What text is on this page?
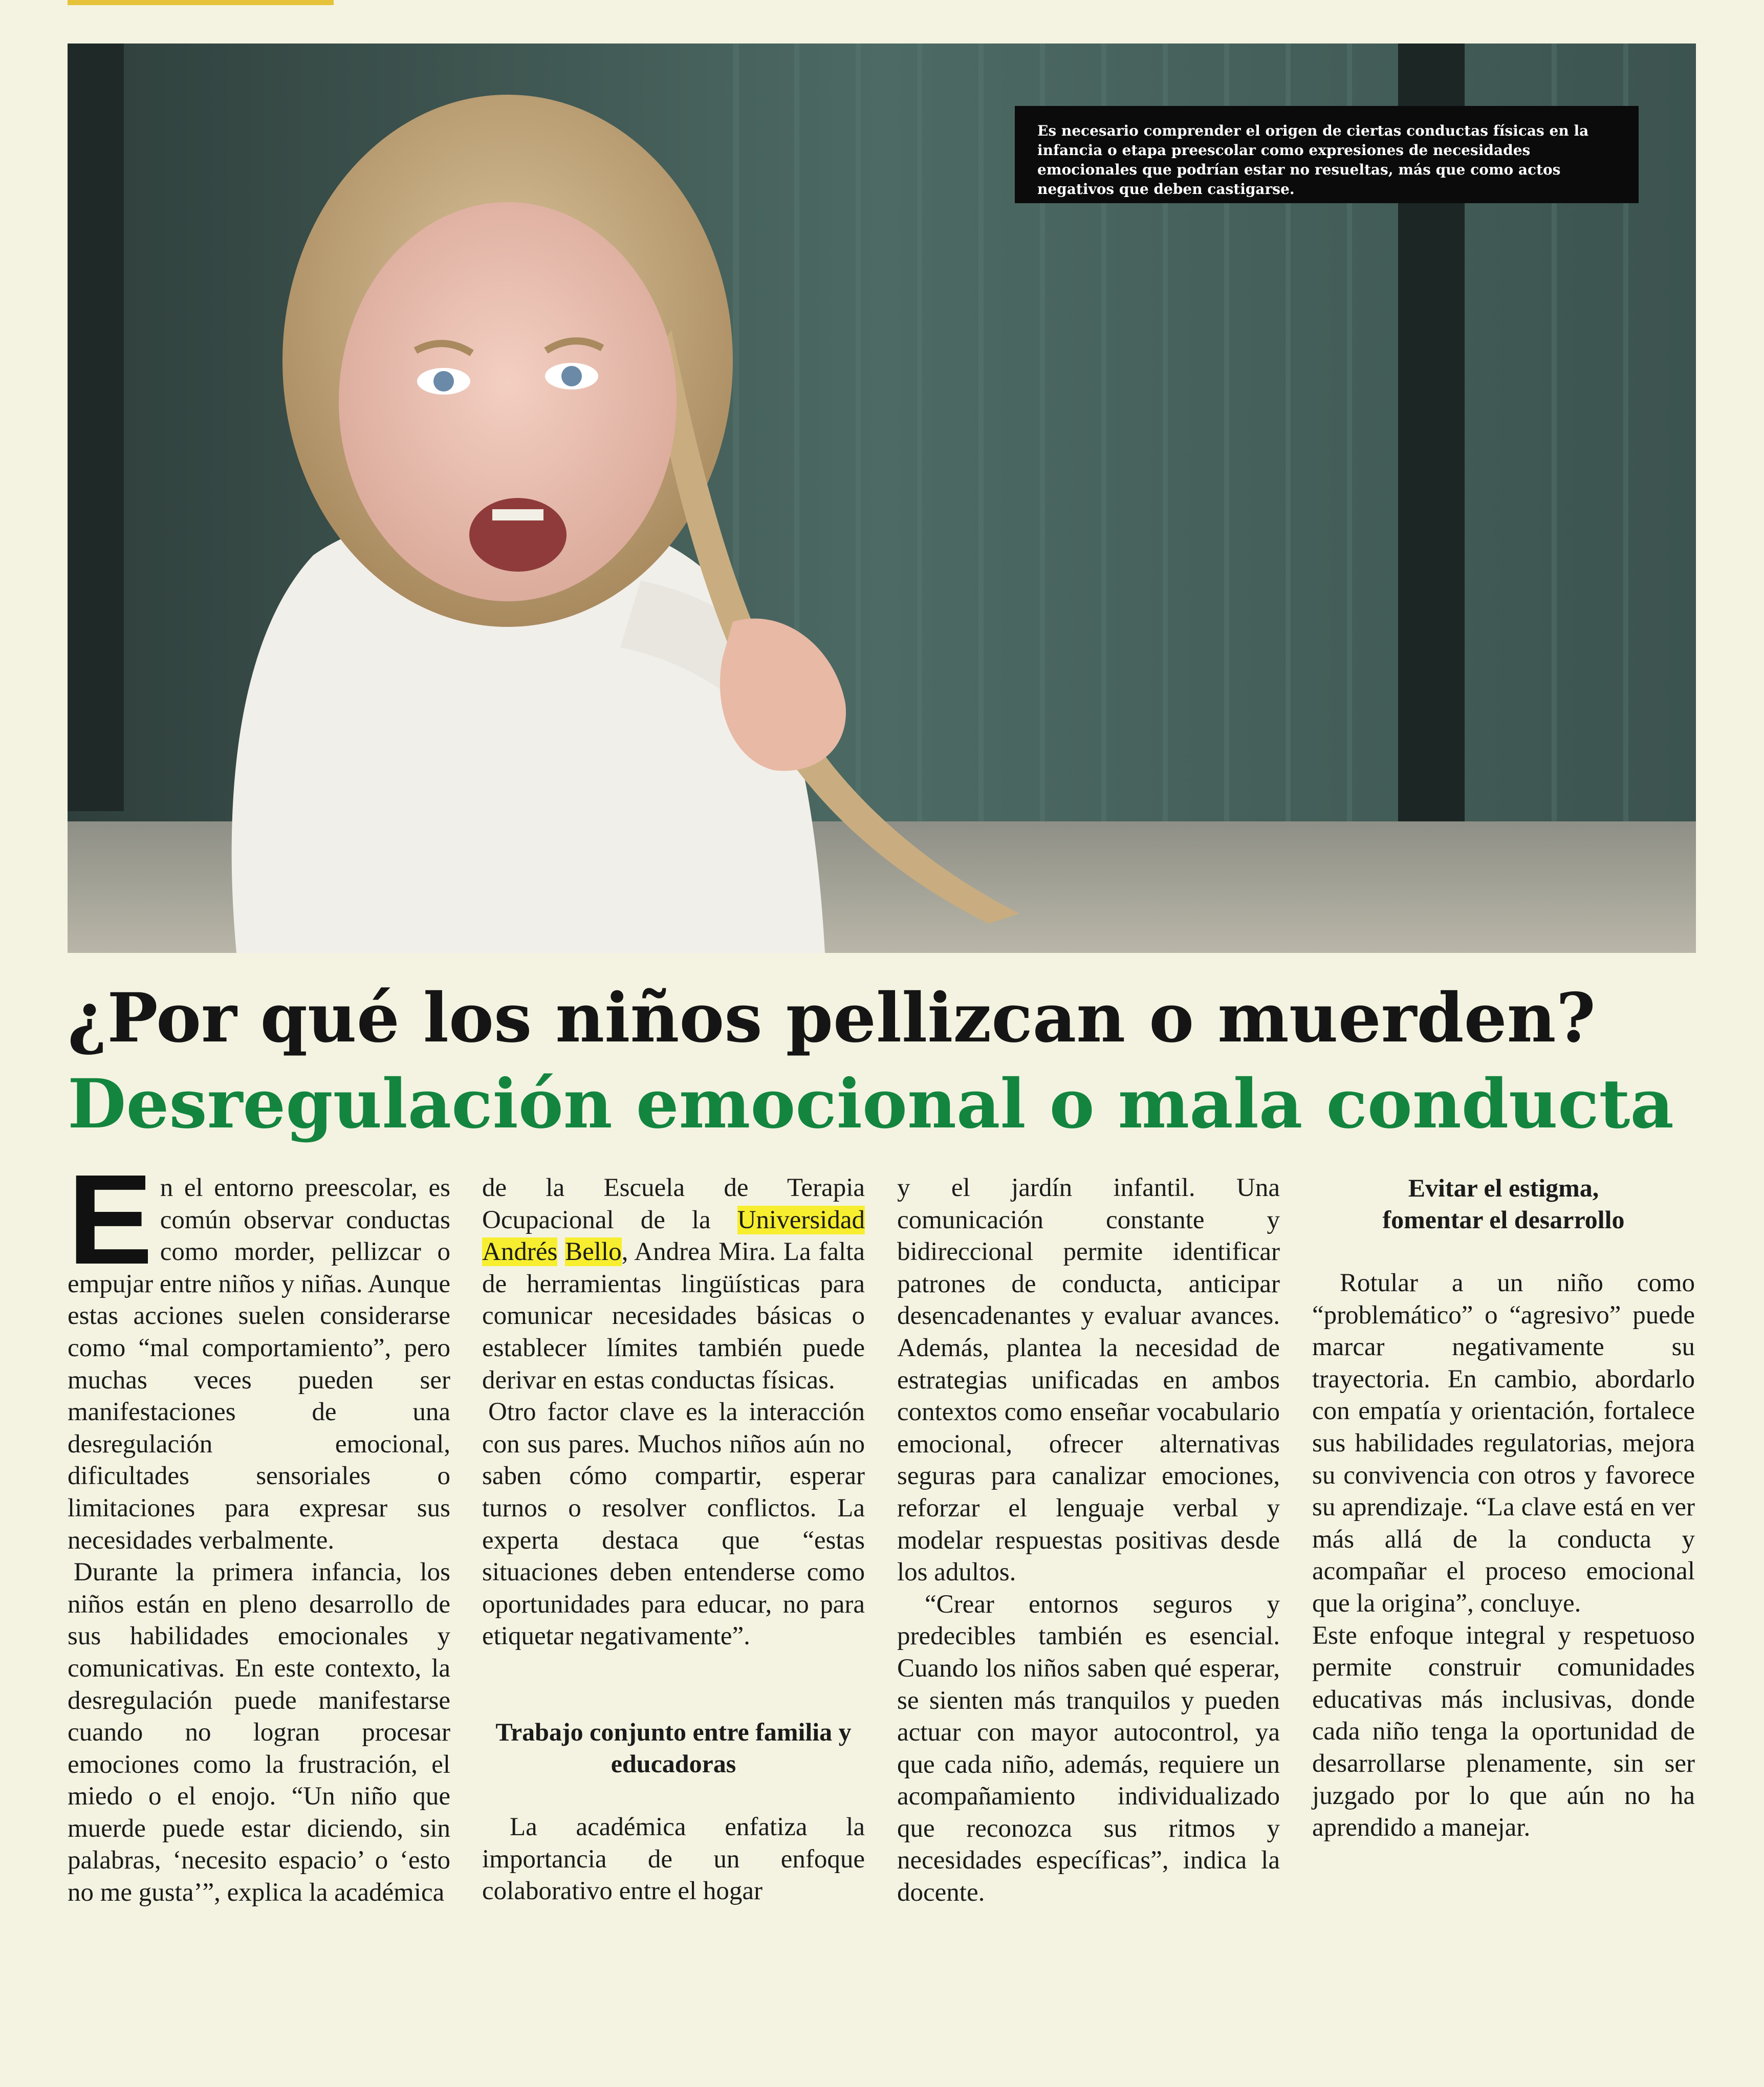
Es necesario comprender el origen de ciertas conductas físicas en la infancia o etapa preescolar como expresiones de necesidades emocionales que podrían estar no resueltas, más que como actos negativos que deben castigarse.

¿Por qué los niños pellizcan o muerden?
Desregulación emocional o mala conducta

En el entorno preescolar, es común observar conductas como morder, pellizcar o empujar entre niños y niñas. Aunque estas acciones suelen considerarse como “mal comportamiento”, pero muchas veces pueden ser manifestaciones de una desregulación emocional, dificultades sensoriales o limitaciones para expresar sus necesidades verbalmente.

Durante la primera infancia, los niños están en pleno desarrollo de sus habilidades emocionales y comunicativas. En este contexto, la desregulación puede manifestarse cuando no logran procesar emociones como la frustración, el miedo o el enojo. “Un niño que muerde puede estar diciendo, sin palabras, ‘necesito espacio’ o ‘esto no me gusta’”, explica la académica

de la Escuela de Terapia Ocupacional de la Universidad Andrés Bello, Andrea Mira. La falta de herramientas lingüísticas para comunicar necesidades básicas o establecer límites también puede derivar en estas conductas físicas.

Otro factor clave es la interacción con sus pares. Muchos niños aún no saben cómo compartir, esperar turnos o resolver conflictos. La experta destaca que “estas situaciones deben entenderse como oportunidades para educar, no para etiquetar negativamente”.

Trabajo conjunto entre familia y educadoras

La académica enfatiza la importancia de un enfoque colaborativo entre el hogar

y el jardín infantil. Una comunicación constante y bidireccional permite identificar patrones de conducta, anticipar desencadenantes y evaluar avances. Además, plantea la necesidad de estrategias unificadas en ambos contextos como enseñar vocabulario emocional, ofrecer alternativas seguras para canalizar emociones, reforzar el lenguaje verbal y modelar respuestas positivas desde los adultos.

“Crear entornos seguros y predecibles también es esencial. Cuando los niños saben qué esperar, se sienten más tranquilos y pueden actuar con mayor autocontrol, ya que cada niño, además, requiere un acompañamiento individualizado que reconozca sus ritmos y necesidades específicas”, indica la docente.

Evitar el estigma, fomentar el desarrollo

Rotular a un niño como “problemático” o “agresivo” puede marcar negativamente su trayectoria. En cambio, abordarlo con empatía y orientación, fortalece sus habilidades regulatorias, mejora su convivencia con otros y favorece su aprendizaje. “La clave está en ver más allá de la conducta y acompañar el proceso emocional que la origina”, concluye.

Este enfoque integral y respetuoso permite construir comunidades educativas más inclusivas, donde cada niño tenga la oportunidad de desarrollarse plenamente, sin ser juzgado por lo que aún no ha aprendido a manejar.
